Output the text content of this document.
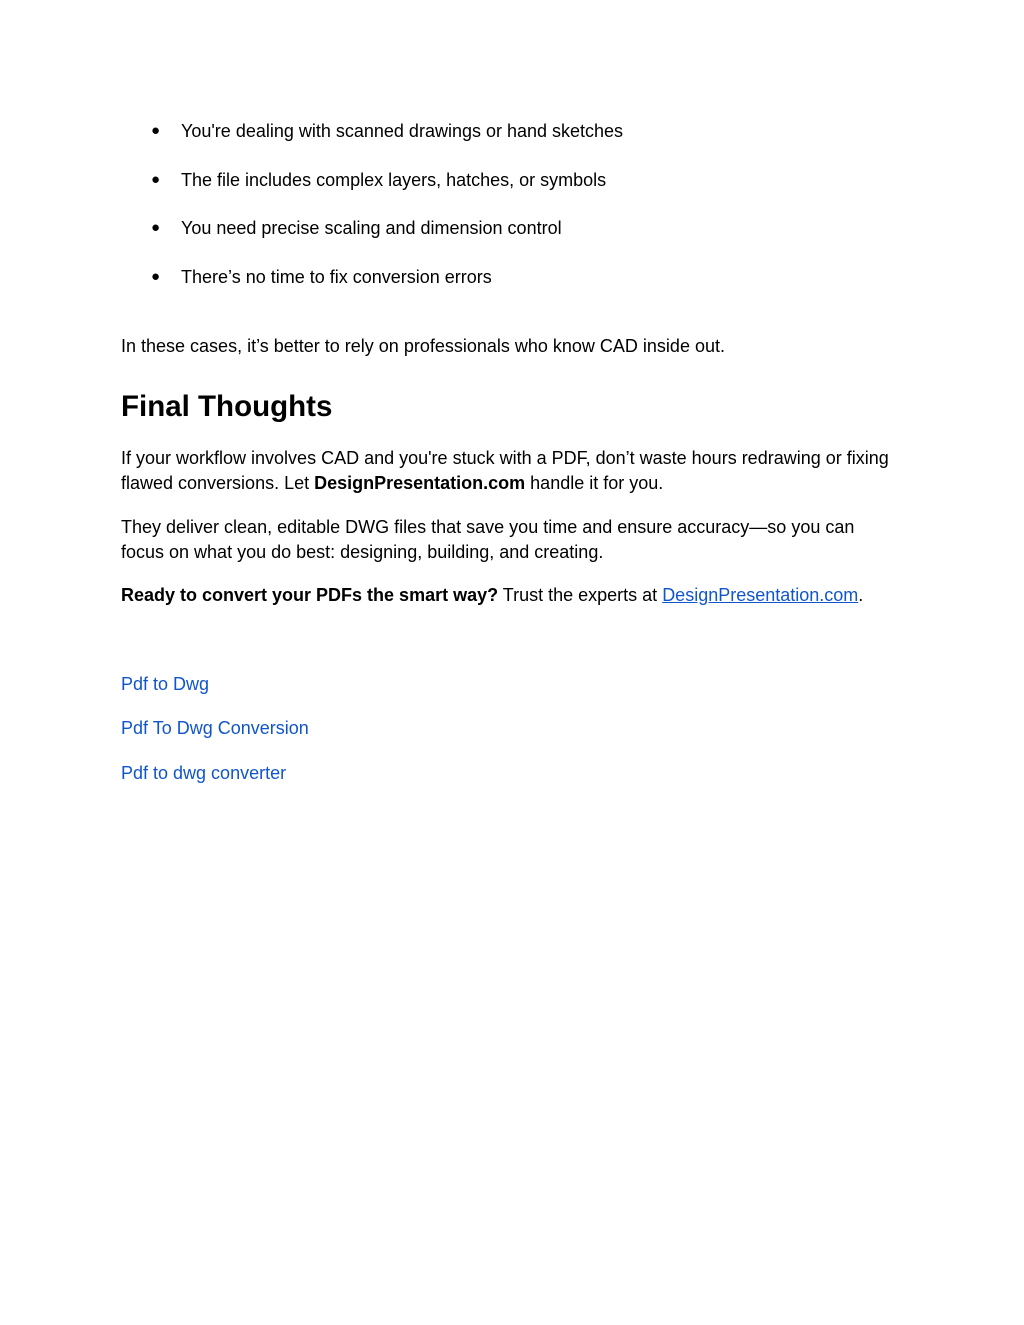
● You're dealing with scanned drawings or hand sketches
● The file includes complex layers, hatches, or symbols
● You need precise scaling and dimension control
● There’s no time to fix conversion errors

In these cases, it’s better to rely on professionals who know CAD inside out.

Final Thoughts

If your workflow involves CAD and you're stuck with a PDF, don’t waste hours redrawing or fixing flawed conversions. Let DesignPresentation.com handle it for you.

They deliver clean, editable DWG files that save you time and ensure accuracy—so you can focus on what you do best: designing, building, and creating.

Ready to convert your PDFs the smart way? Trust the experts at DesignPresentation.com.

Pdf to Dwg
Pdf To Dwg Conversion
Pdf to dwg converter
